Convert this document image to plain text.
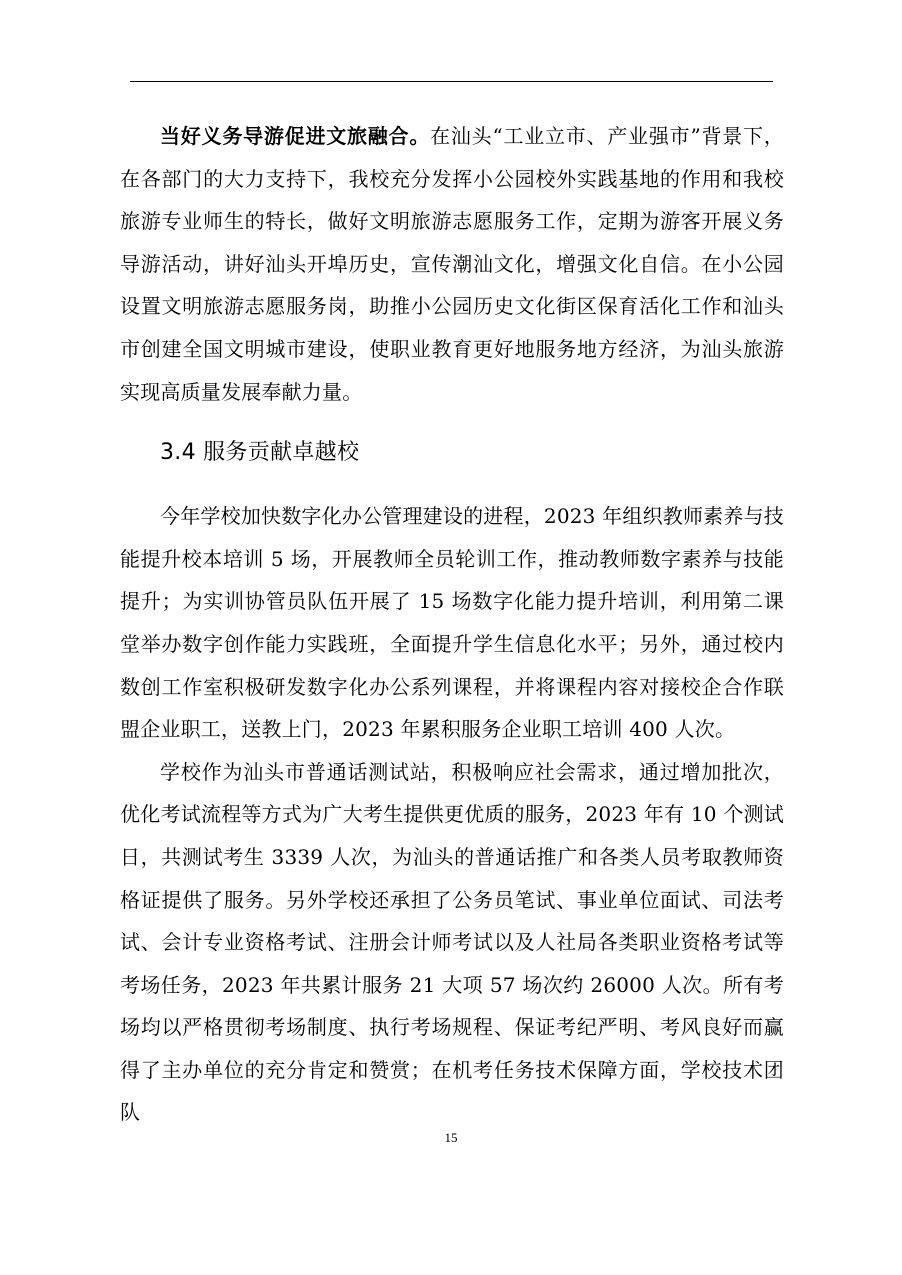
当好义务导游促进文旅融合。在汕头“工业立市、产业强市”背景下，在各部门的大力支持下，我校充分发挥小公园校外实践基地的作用和我校旅游专业师生的特长，做好文明旅游志愿服务工作，定期为游客开展义务导游活动，讲好汕头开埠历史，宣传潮汕文化，增强文化自信。在小公园设置文明旅游志愿服务岗，助推小公园历史文化街区保育活化工作和汕头市创建全国文明城市建设，使职业教育更好地服务地方经济，为汕头旅游实现高质量发展奉献力量。

3.4 服务贡献卓越校

今年学校加快数字化办公管理建设的进程，2023 年组织教师素养与技能提升校本培训 5 场，开展教师全员轮训工作，推动教师数字素养与技能提升；为实训协管员队伍开展了 15 场数字化能力提升培训，利用第二课堂举办数字创作能力实践班，全面提升学生信息化水平；另外，通过校内数创工作室积极研发数字化办公系列课程，并将课程内容对接校企合作联盟企业职工，送教上门，2023 年累积服务企业职工培训 400 人次。

学校作为汕头市普通话测试站，积极响应社会需求，通过增加批次，优化考试流程等方式为广大考生提供更优质的服务，2023 年有 10 个测试日，共测试考生 3339 人次，为汕头的普通话推广和各类人员考取教师资格证提供了服务。另外学校还承担了公务员笔试、事业单位面试、司法考试、会计专业资格考试、注册会计师考试以及人社局各类职业资格考试等考场任务，2023 年共累计服务 21 大项 57 场次约 26000 人次。所有考场均以严格贯彻考场制度、执行考场规程、保证考纪严明、考风良好而赢得了主办单位的充分肯定和赞赏；在机考任务技术保障方面，学校技术团队

15
